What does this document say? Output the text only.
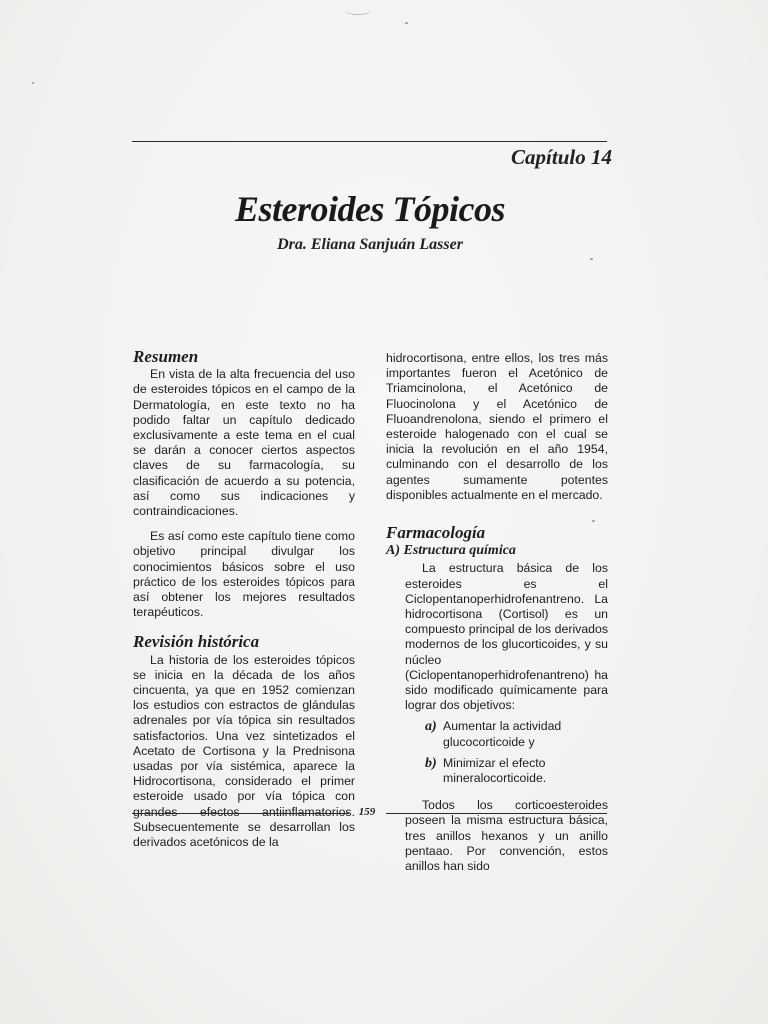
Capítulo 14
Esteroides Tópicos
Dra. Eliana Sanjuán Lasser
Resumen

En vista de la alta frecuencia del uso de esteroides tópicos en el campo de la Dermatología, en este texto no ha podido faltar un capítulo dedicado exclusivamente a este tema en el cual se darán a conocer ciertos aspectos claves de su farmacología, su clasificación de acuerdo a su potencia, así como sus indicaciones y contraindicaciones.

Es así como este capítulo tiene como objetivo principal divulgar los conocimientos básicos sobre el uso práctico de los esteroides tópicos para así obtener los mejores resultados terapéuticos.

Revisión histórica

La historia de los esteroides tópicos se inicia en la década de los años cincuenta, ya que en 1952 comienzan los estudios con estractos de glándulas adrenales por vía tópica sin resultados satisfactorios. Una vez sintetizados el Acetato de Cortisona y la Prednisona usadas por vía sistémica, aparece la Hidrocortisona, considerado el primer esteroide usado por vía tópica con grandes efectos antiinflamatorios. Subsecuentemente se desarrollan los derivados acetónicos de la

hidrocortisona, entre ellos, los tres más importantes fueron el Acetónico de Triamcinolona, el Acetónico de Fluocinolona y el Acetónico de Fluoandrenolona, siendo el primero el esteroide halogenado con el cual se inicia la revolución en el año 1954, culminando con el desarrollo de los agentes sumamente potentes disponibles actualmente en el mercado.

Farmacología
A) Estructura química

La estructura básica de los esteroides es el Ciclopentanoperhidrofenantreno. La hidrocortisona (Cortisol) es un compuesto principal de los derivados modernos de los glucorticoides, y su núcleo (Ciclopentanoperhidrofenantreno) ha sido modificado químicamente para lograr dos objetivos:

a) Aumentar la actividad glucocorticoide y
b) Minimizar el efecto mineralocorticoide.

Todos los corticoesteroides poseen la misma estructura básica, tres anillos hexanos y un anillo pentaao. Por convención, estos anillos han sido

159
